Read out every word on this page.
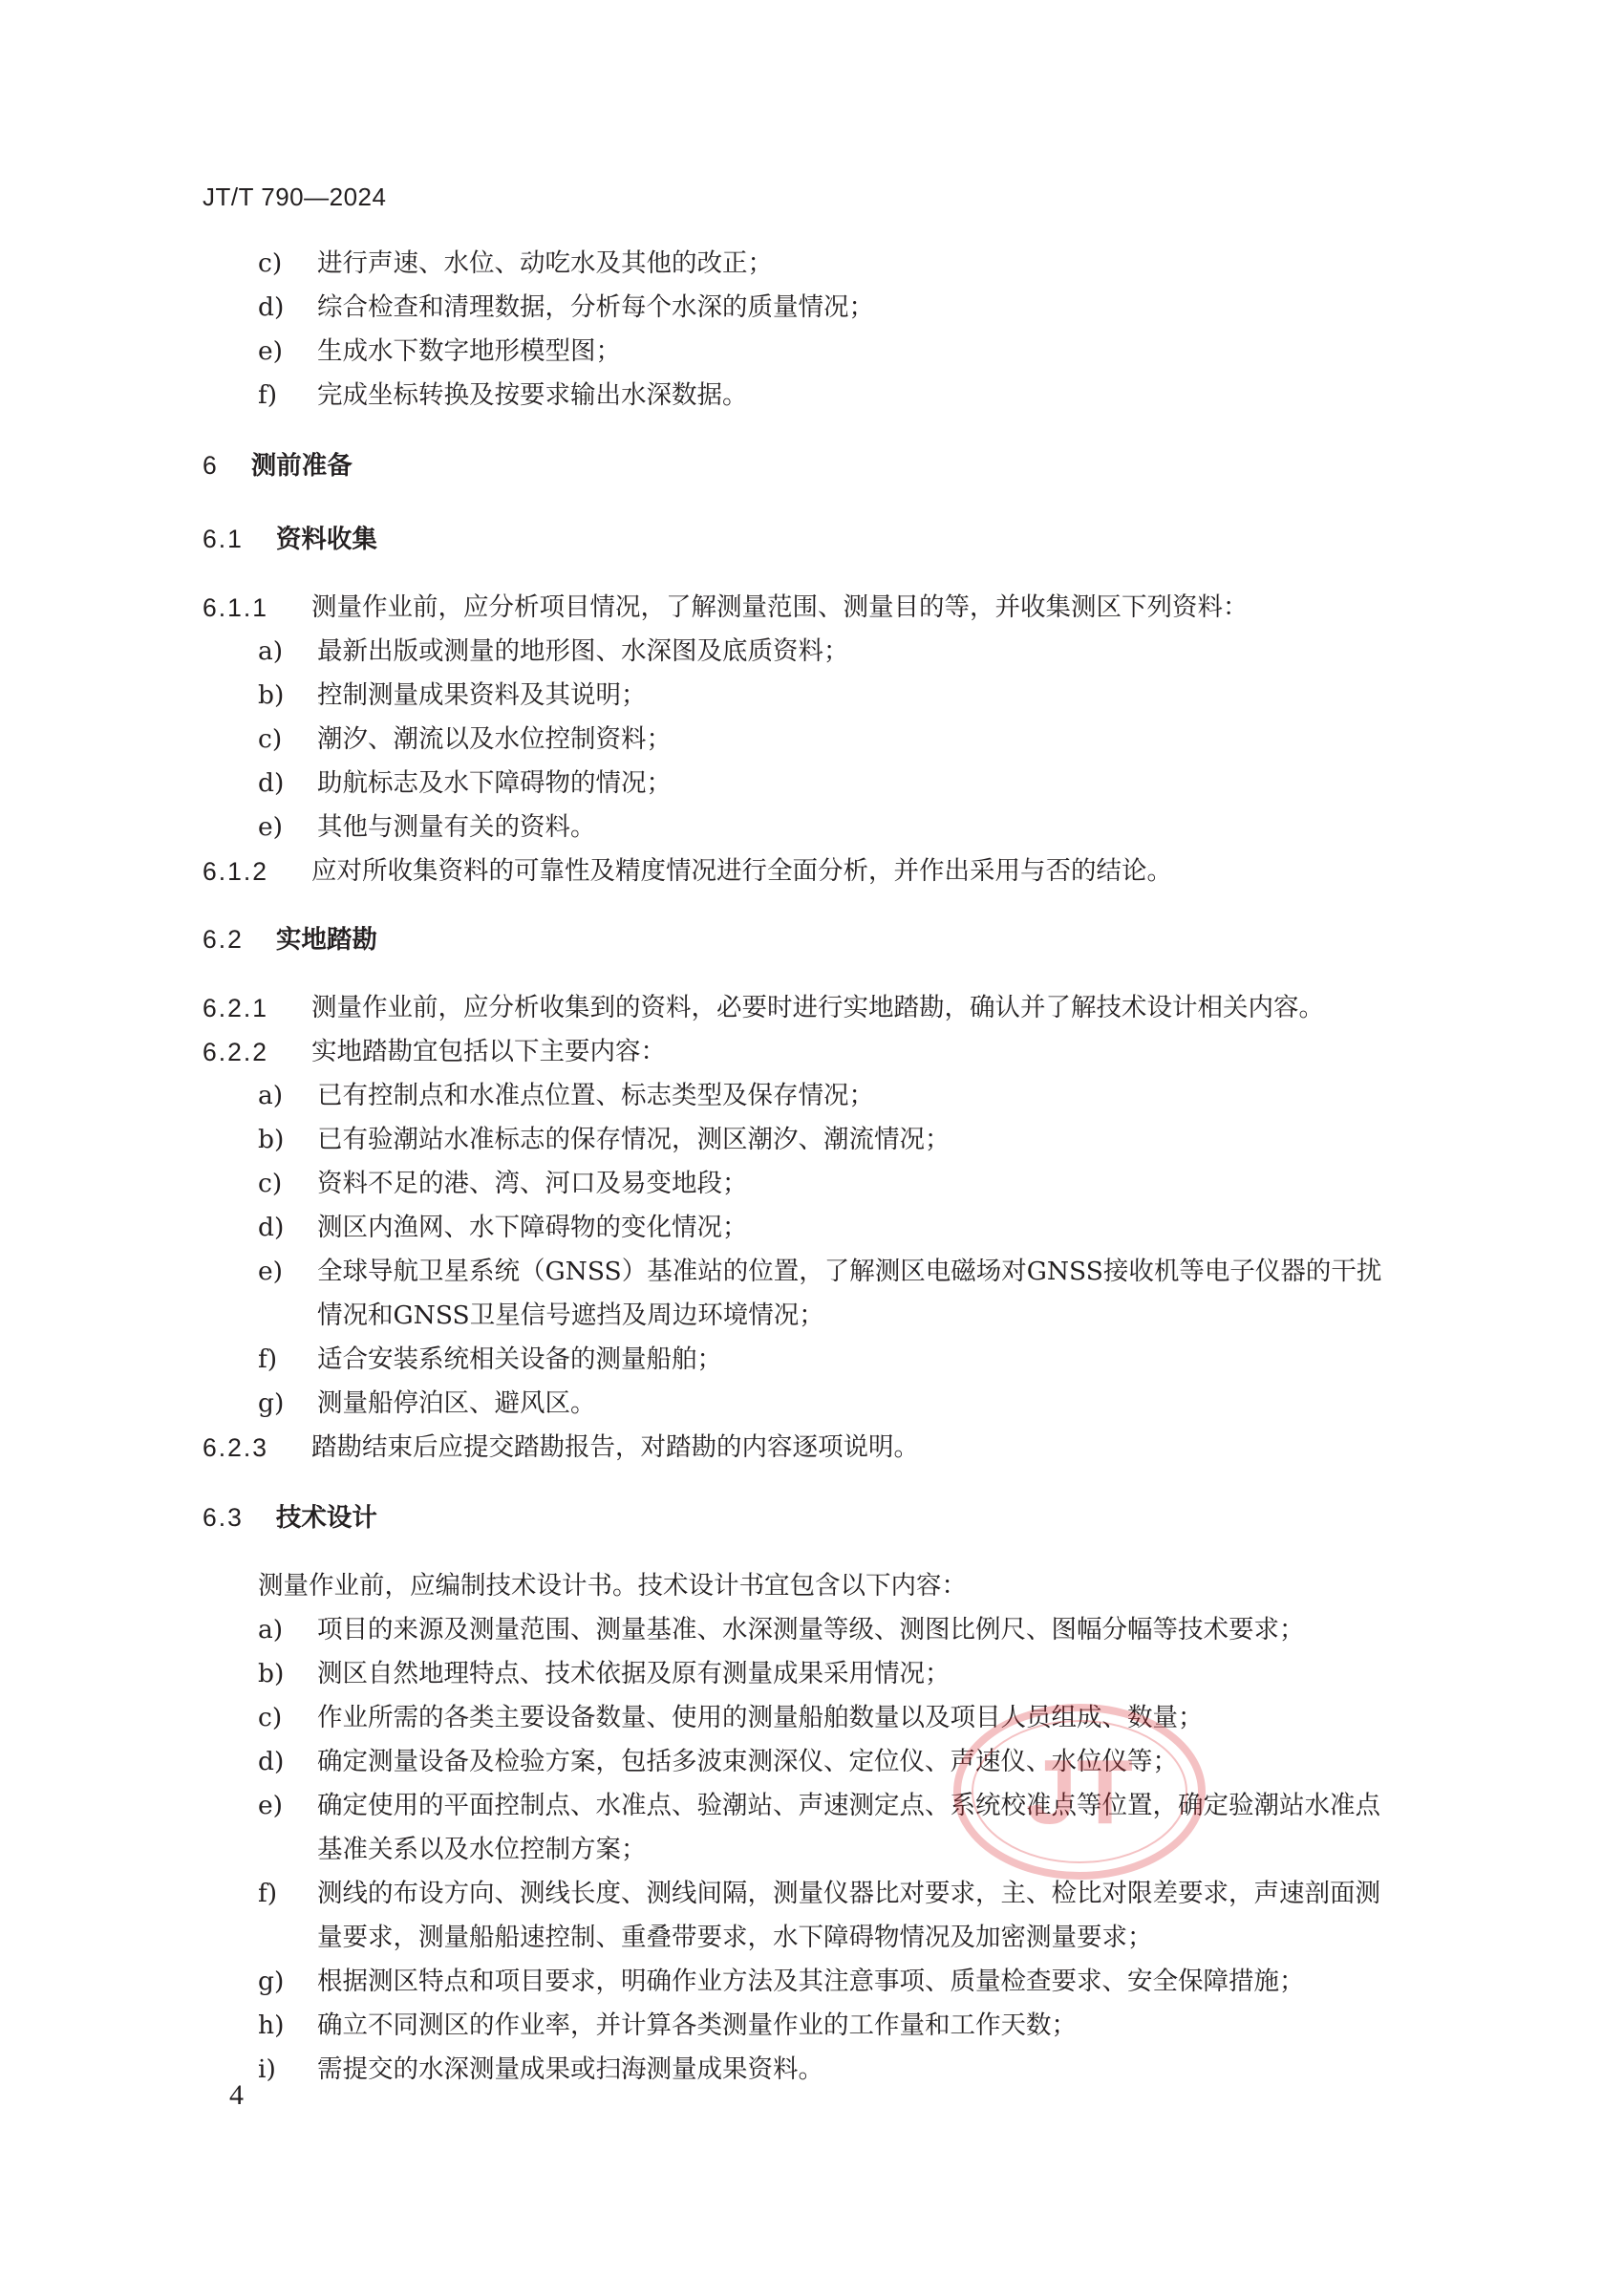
JT/T 790—2024
c) 进行声速、水位、动吃水及其他的改正；
d) 综合检查和清理数据，分析每个水深的质量情况；
e) 生成水下数字地形模型图；
f) 完成坐标转换及按要求输出水深数据。
6 测前准备
6.1 资料收集
6.1.1 测量作业前，应分析项目情况，了解测量范围、测量目的等，并收集测区下列资料：
a) 最新出版或测量的地形图、水深图及底质资料；
b) 控制测量成果资料及其说明；
c) 潮汐、潮流以及水位控制资料；
d) 助航标志及水下障碍物的情况；
e) 其他与测量有关的资料。
6.1.2 应对所收集资料的可靠性及精度情况进行全面分析，并作出采用与否的结论。
6.2 实地踏勘
6.2.1 测量作业前，应分析收集到的资料，必要时进行实地踏勘，确认并了解技术设计相关内容。
6.2.2 实地踏勘宜包括以下主要内容：
a) 已有控制点和水准点位置、标志类型及保存情况；
b) 已有验潮站水准标志的保存情况，测区潮汐、潮流情况；
c) 资料不足的港、湾、河口及易变地段；
d) 测区内渔网、水下障碍物的变化情况；
e) 全球导航卫星系统（GNSS）基准站的位置，了解测区电磁场对GNSS接收机等电子仪器的干扰
情况和GNSS卫星信号遮挡及周边环境情况；
f) 适合安装系统相关设备的测量船舶；
g) 测量船停泊区、避风区。
6.2.3 踏勘结束后应提交踏勘报告，对踏勘的内容逐项说明。
6.3 技术设计
测量作业前，应编制技术设计书。技术设计书宜包含以下内容：
a) 项目的来源及测量范围、测量基准、水深测量等级、测图比例尺、图幅分幅等技术要求；
b) 测区自然地理特点、技术依据及原有测量成果采用情况；
c) 作业所需的各类主要设备数量、使用的测量船舶数量以及项目人员组成、数量；
d) 确定测量设备及检验方案，包括多波束测深仪、定位仪、声速仪、水位仪等；
e) 确定使用的平面控制点、水准点、验潮站、声速测定点、系统校准点等位置，确定验潮站水准点
基准关系以及水位控制方案；
f) 测线的布设方向、测线长度、测线间隔，测量仪器比对要求，主、检比对限差要求，声速剖面测
量要求，测量船船速控制、重叠带要求，水下障碍物情况及加密测量要求；
g) 根据测区特点和项目要求，明确作业方法及其注意事项、质量检查要求、安全保障措施；
h) 确立不同测区的作业率，并计算各类测量作业的工作量和工作天数；
i) 需提交的水深测量成果或扫海测量成果资料。
4
JT
